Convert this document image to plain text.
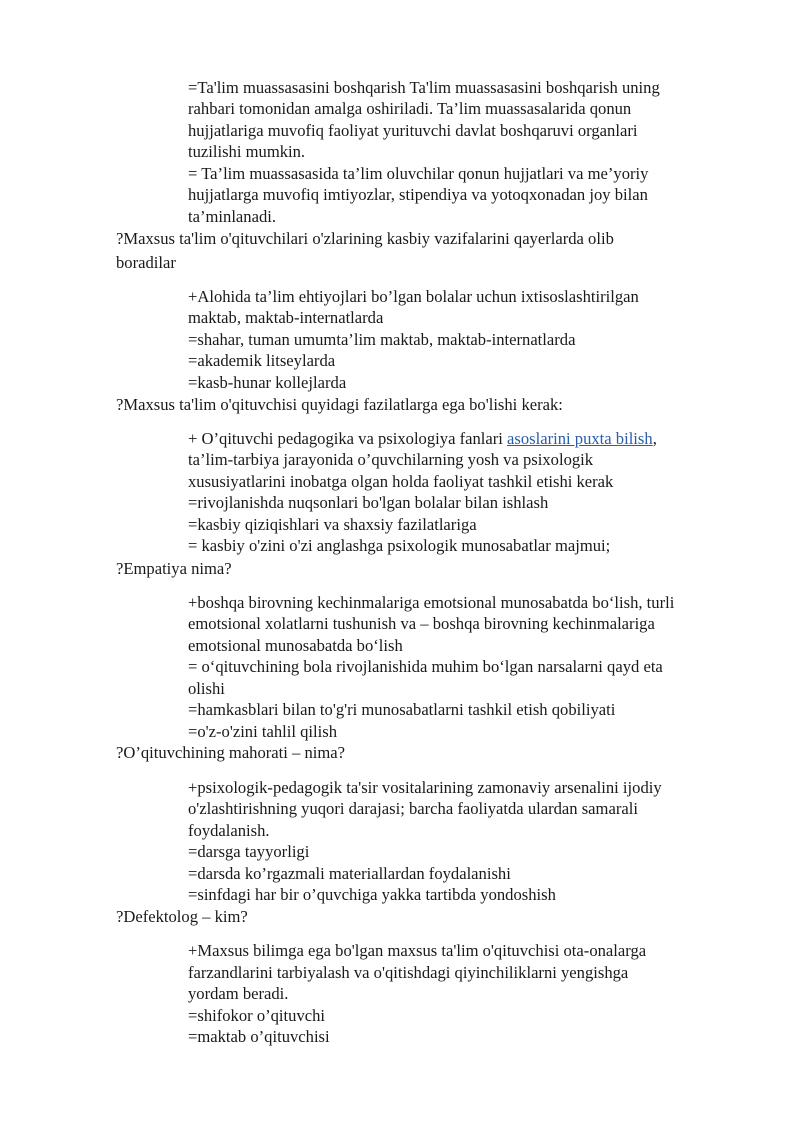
=Ta'lim muassasasini boshqarish Ta'lim muassasasini boshqarish uning
rahbari tomonidan amalga oshiriladi. Ta’lim muassasalarida qonun
hujjatlariga muvofiq faoliyat yurituvchi davlat boshqaruvi organlari
tuzilishi mumkin.
= Ta’lim muassasasida ta’lim oluvchilar qonun hujjatlari va me’yoriy
hujjatlarga muvofiq imtiyozlar, stipendiya va yotoqxonadan joy bilan
ta’minlanadi.
?Maxsus ta'lim o'qituvchilari o'zlarining kasbiy vazifalarini qayerlarda olib
boradilar
+Alohida ta’lim ehtiyojlari bo’lgan bolalar uchun ixtisoslashtirilgan
maktab, maktab-internatlarda
=shahar, tuman umumta’lim maktab, maktab-internatlarda
=akademik litseylarda
=kasb-hunar kollejlarda
?Maxsus ta'lim o'qituvchisi quyidagi fazilatlarga ega bo'lishi kerak:
+ O’qituvchi pedagogika va psixologiya fanlari asoslarini puxta bilish,
ta’lim-tarbiya jarayonida o’quvchilarning yosh va psixologik
xususiyatlarini inobatga olgan holda faoliyat tashkil etishi kerak
=rivojlanishda nuqsonlari bo'lgan bolalar bilan ishlash
=kasbiy qiziqishlari va shaxsiy fazilatlariga
= kasbiy o'zini o'zi anglashga psixologik munosabatlar majmui;
?Empatiya nima?
+boshqa birovning kechinmalariga emotsional munosabatda bo‘lish, turli
emotsional xolatlarni tushunish va – boshqa birovning kechinmalariga
emotsional munosabatda bo‘lish
= o‘qituvchining bola rivojlanishida muhim bo‘lgan narsalarni qayd eta
olishi
=hamkasblari bilan to'g'ri munosabatlarni tashkil etish qobiliyati
=o'z-o'zini tahlil qilish
?O’qituvchining mahorati – nima?
+psixologik-pedagogik ta'sir vositalarining zamonaviy arsenalini ijodiy
o'zlashtirishning yuqori darajasi; barcha faoliyatda ulardan samarali
foydalanish.
=darsga tayyorligi
=darsda ko’rgazmali materiallardan foydalanishi
=sinfdagi har bir o’quvchiga yakka tartibda yondoshish
?Defektolog – kim?
+Maxsus bilimga ega bo'lgan maxsus ta'lim o'qituvchisi ota-onalarga
farzandlarini tarbiyalash va o'qitishdagi qiyinchiliklarni yengishga
yordam beradi.
=shifokor o’qituvchi
=maktab o’qituvchisi
